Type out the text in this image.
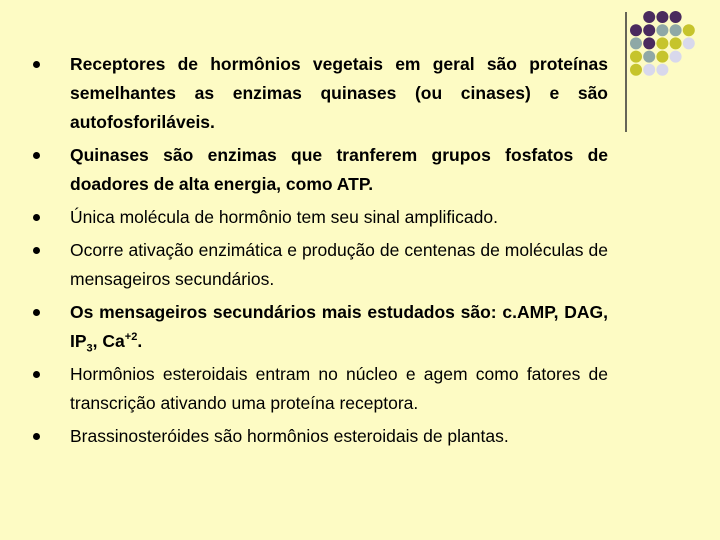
Receptores de hormônios vegetais em geral são proteínas semelhantes as enzimas quinases (ou cinases) e são autofosforiláveis.
Quinases são enzimas que tranferem grupos fosfatos de doadores de alta energia, como ATP.
Única molécula de hormônio tem seu sinal amplificado.
Ocorre ativação enzimática e produção de centenas de moléculas de mensageiros secundários.
Os mensageiros secundários mais estudados são: c.AMP, DAG, $IP_3$, $Ca^{+2}$.
Hormônios esteroidais entram no núcleo e agem como fatores de transcrição ativando uma proteína receptora.
Brassinosteróides são hormônios esteroidais de plantas.
